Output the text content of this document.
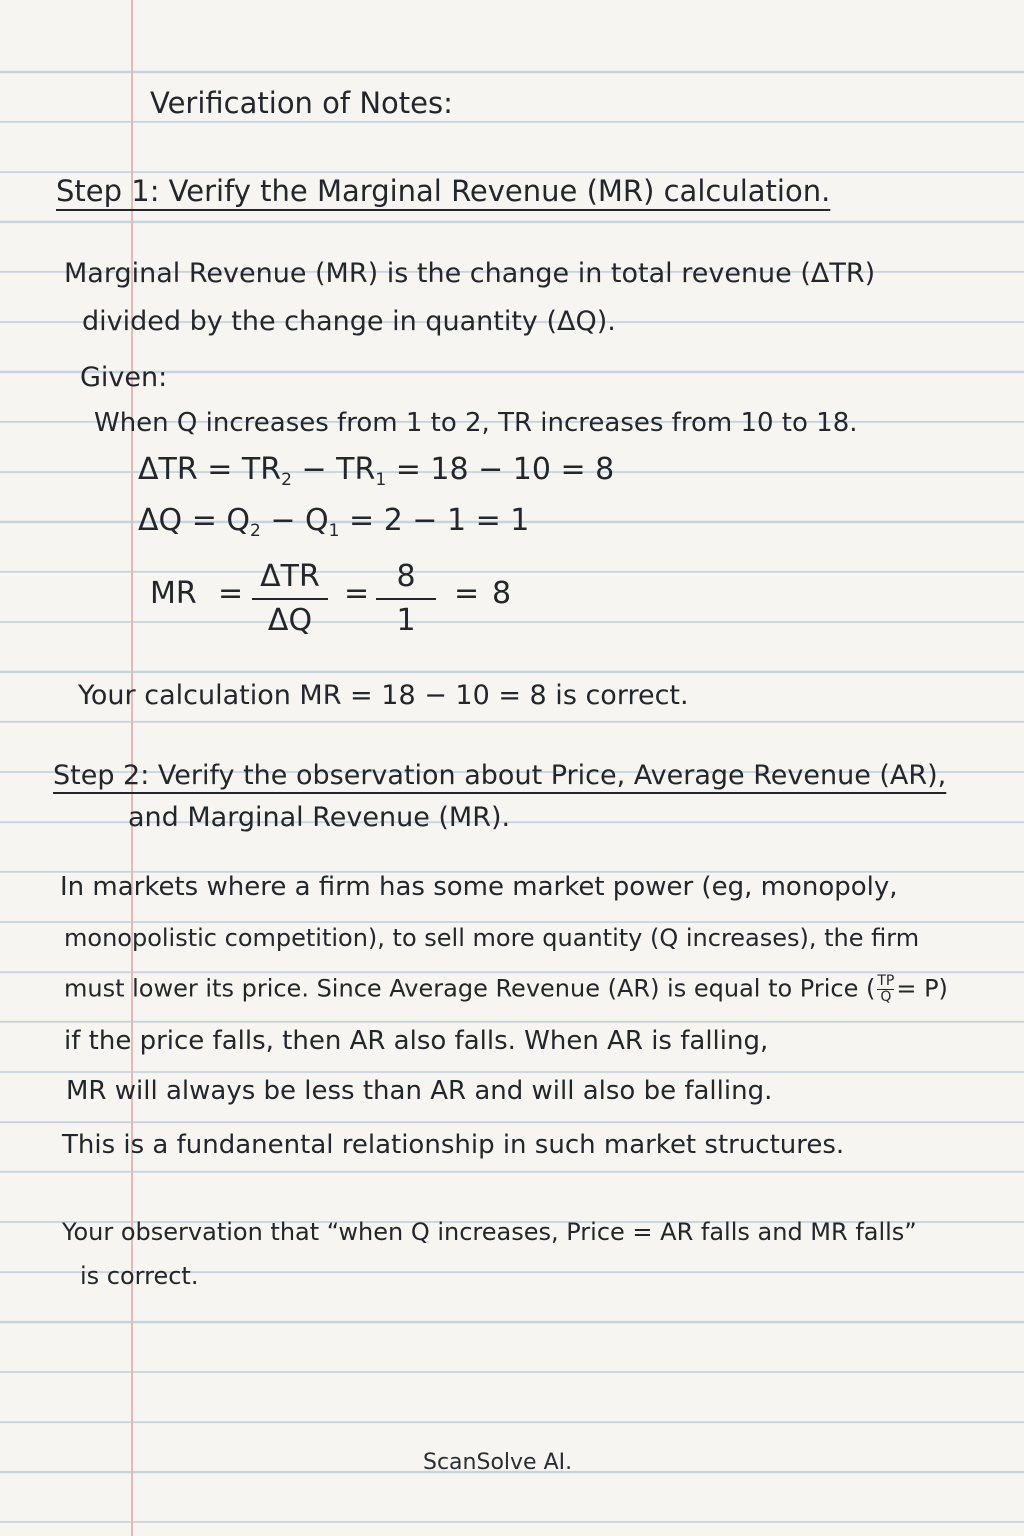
Verification of Notes:
Step 1: Verify the Marginal Revenue (MR) calculation.
Marginal Revenue (MR) is the change in total revenue (ΔTR)
divided by the change in quantity (ΔQ).
Given:
When Q increases from 1 to 2, TR increases from 10 to 18.
$\Delta TR = TR_2 - TR_1 = 18 - 10 = 8$
$\Delta Q = Q_2 - Q_1 = 2 - 1 = 1$
MR = ΔTR
ΔQ
= 8
1
= 8
Your calculation MR = 18 − 10 = 8 is correct.
Step 2: Verify the observation about Price, Average Revenue (AR),
and Marginal Revenue (MR).
In markets where a firm has some market power (eg, monopoly,
monopolistic competition), to sell more quantity (Q increases), the firm
must lower its price. Since Average Revenue (AR) is equal to Price ( $\frac{TP}{Q} = P$)
if the price falls, then AR also falls. When AR is falling,
MR will always be less than AR and will also be falling.
This is a fundanental relationship in such market structures.
Your observation that “when Q increases, Price = AR falls and MR falls”
is correct.
ScanSolve AI.
